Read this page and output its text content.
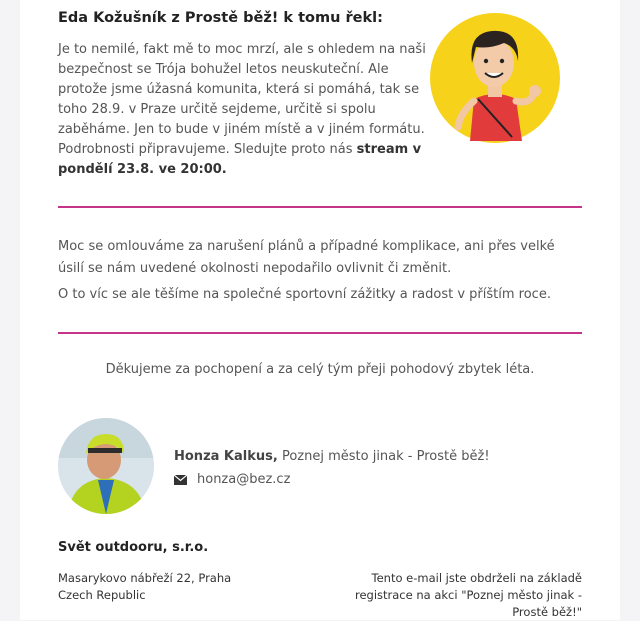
Eda Kožušník z Prostě běž! k tomu řekl:

Je to nemilé, fakt mě to moc mrzí, ale s ohledem na naši bezpečnost se Trója bohužel letos neuskuteční. Ale protože jsme úžasná komunita, která si pomáhá, tak se toho 28.9. v Praze určitě sejdeme, určitě si spolu zaběháme. Jen to bude v jiném místě a v jiném formátu. Podrobnosti připravujeme. Sledujte proto nás stream v pondělí 23.8. ve 20:00.

Moc se omlouváme za narušení plánů a případné komplikace, ani přes velké úsilí se nám uvedené okolnosti nepodařilo ovlivnit či změnit.

O to víc se ale těšíme na společné sportovní zážitky a radost v příštím roce.

Děkujeme za pochopení a za celý tým přeji pohodový zbytek léta.

Honza Kalkus, Poznej město jinak - Prostě běž!
honza@bez.cz

Svět outdooru, s.r.o.

Masarykovo nábřeží 22, Praha
Czech Republic
Tento e-mail jste obdrželi na základě
registrace na akci "Poznej město jinak -
Prostě běž!"
